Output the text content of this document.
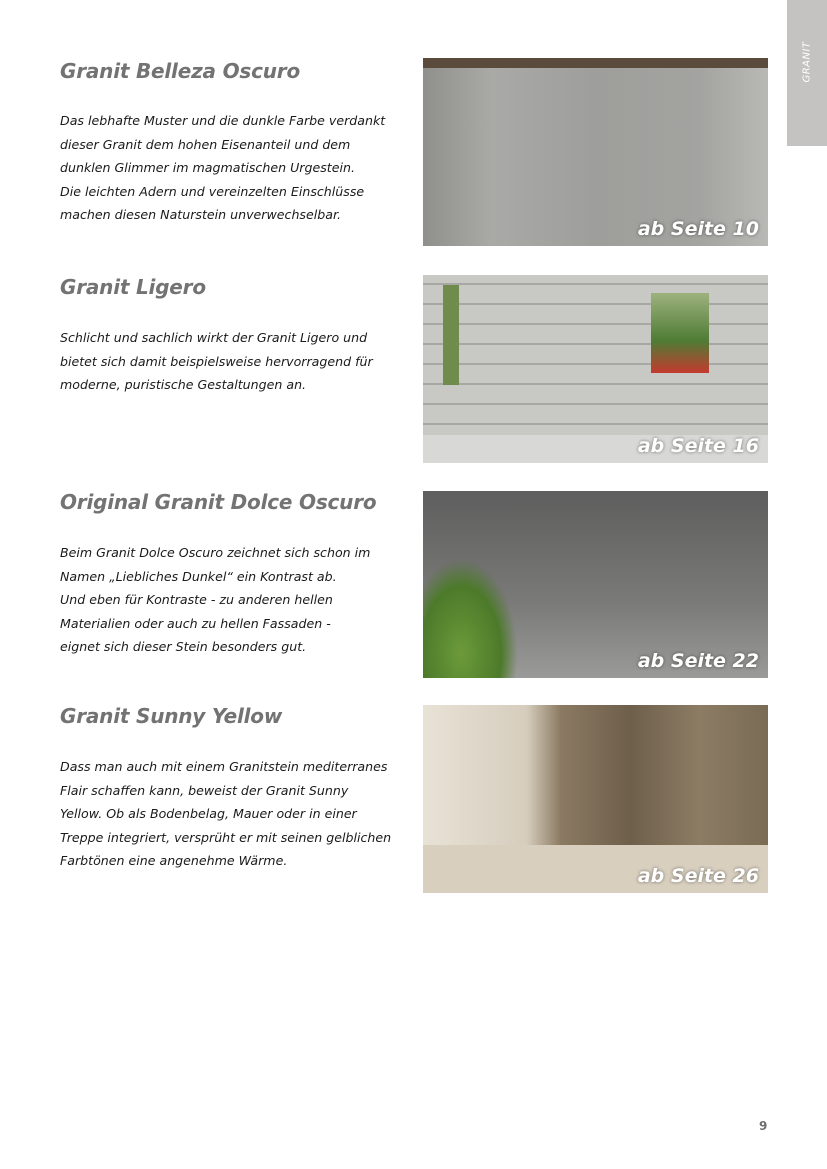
GRANIT
Granit Belleza Oscuro
Das lebhafte Muster und die dunkle Farbe verdankt
dieser Granit dem hohen Eisenanteil und dem
dunklen Glimmer im magmatischen Urgestein.
Die leichten Adern und vereinzelten Einschlüsse
machen diesen Naturstein unverwechselbar.
ab Seite 10
Granit Ligero
Schlicht und sachlich wirkt der Granit Ligero und
bietet sich damit beispielsweise hervorragend für
moderne, puristische Gestaltungen an.
ab Seite 16
Original Granit Dolce Oscuro
Beim Granit Dolce Oscuro zeichnet sich schon im
Namen „Liebliches Dunkel“ ein Kontrast ab.
Und eben für Kontraste - zu anderen hellen
Materialien oder auch zu hellen Fassaden -
eignet sich dieser Stein besonders gut.
ab Seite 22
Granit Sunny Yellow
Dass man auch mit einem Granitstein mediterranes
Flair schaffen kann, beweist der Granit Sunny
Yellow. Ob als Bodenbelag, Mauer oder in einer
Treppe integriert, versprüht er mit seinen gelblichen
Farbtönen eine angenehme Wärme.
ab Seite 26
9
